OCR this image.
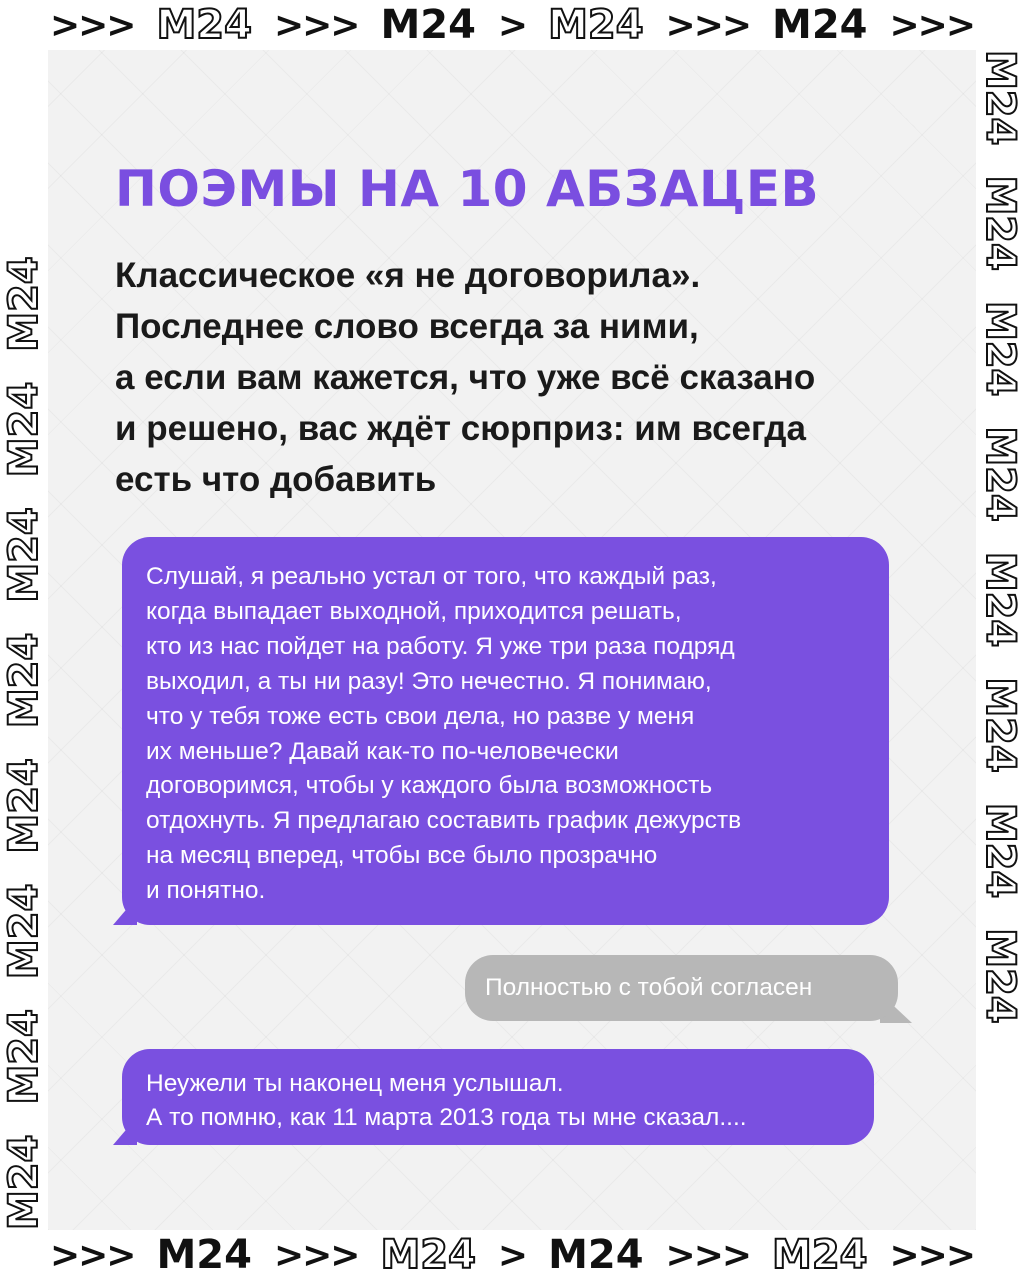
>>> M24 >>> M24 > M24 >>> M24 >>>
M24
M24
M24
M24
M24
M24
M24
M24
M24
M24
M24
M24
M24
M24
M24
M24
ПОЭМЫ НА 10 АБЗАЦЕВ

Классическое «я не договорила».
Последнее слово всегда за ними,
а если вам кажется, что уже всё сказано
и решено, вас ждёт сюрприз: им всегда
есть что добавить

Слушай, я реально устал от того, что каждый раз,
когда выпадает выходной, приходится решать,
кто из нас пойдет на работу. Я уже три раза подряд
выходил, а ты ни разу! Это нечестно. Я понимаю,
что у тебя тоже есть свои дела, но разве у меня
их меньше? Давай как-то по-человечески
договоримся, чтобы у каждого была возможность
отдохнуть. Я предлагаю составить график дежурств
на месяц вперед, чтобы все было прозрачно
и понятно.
Полностью с тобой согласен
Неужели ты наконец меня услышал.
А то помню, как 11 марта 2013 года ты мне сказал....
>>> M24 >>> M24 > M24 >>> M24 >>>
